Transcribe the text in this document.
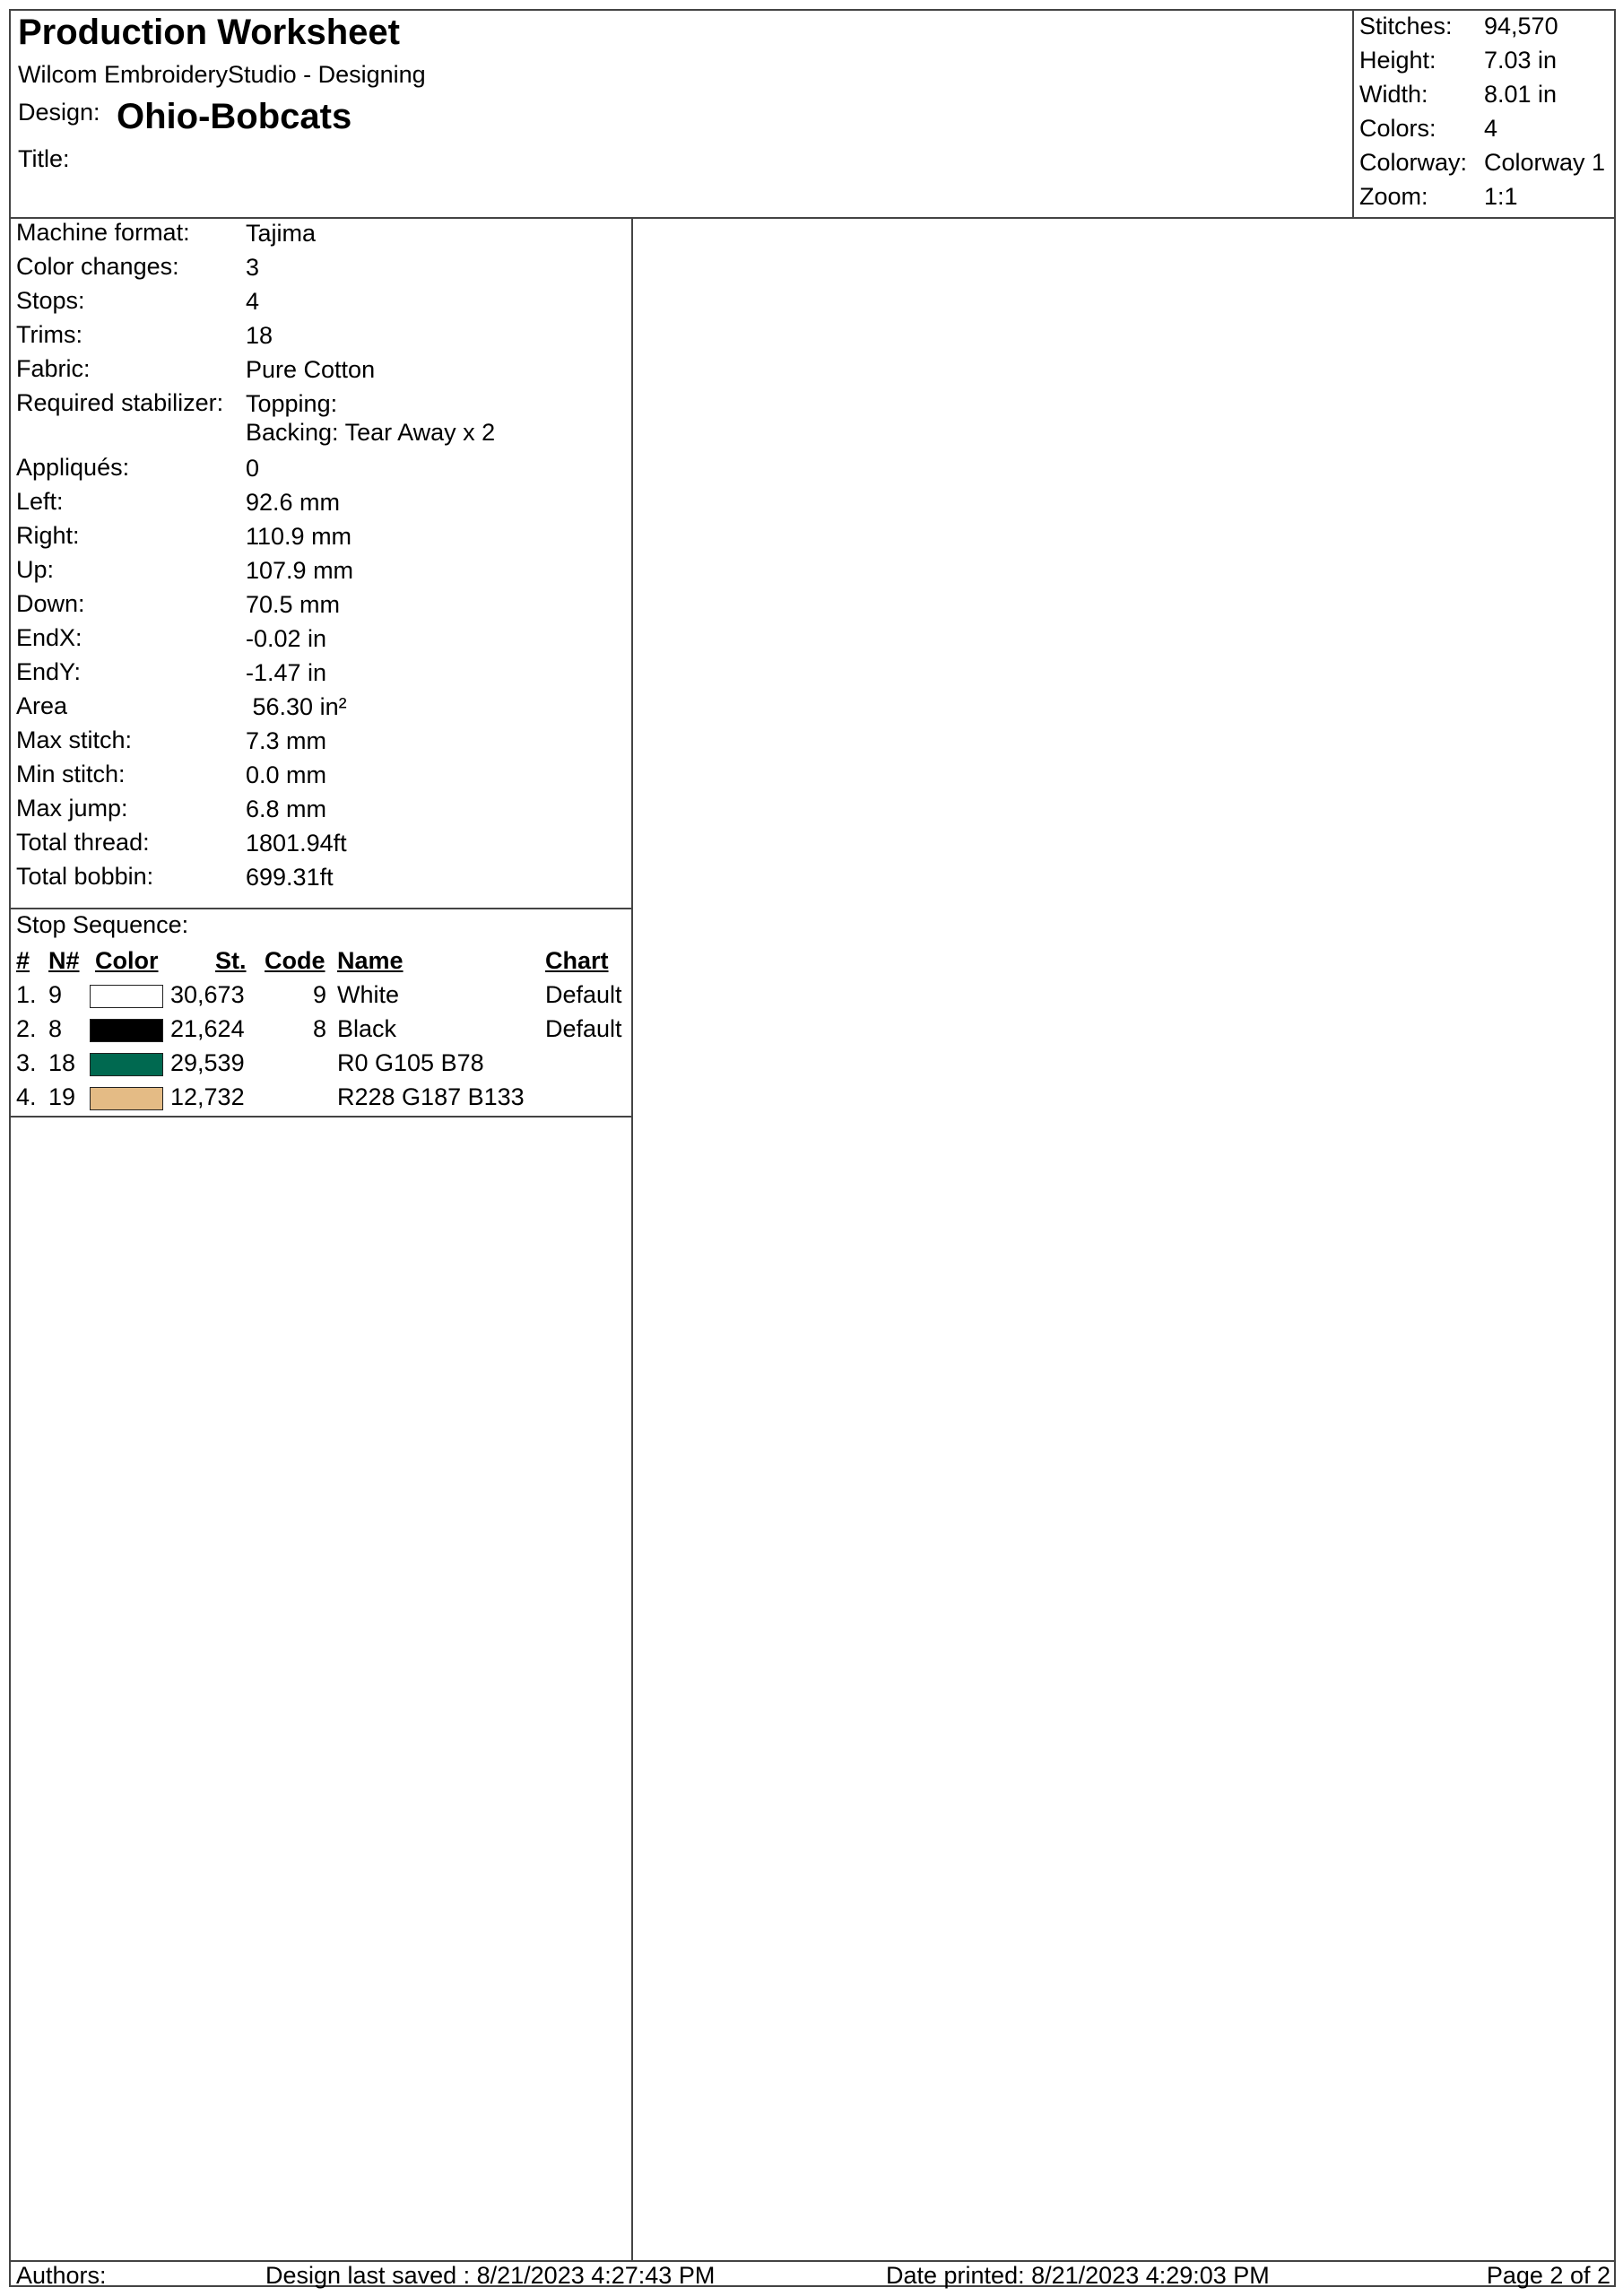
Production Worksheet
Wilcom EmbroideryStudio - Designing
Design: Ohio-Bobcats
Title:
Stitches: 94,570
Height: 7.03 in
Width: 8.01 in
Colors: 4
Colorway: Colorway 1
Zoom: 1:1
Machine format: Tajima
Color changes:	3
Stops:	4
Trims:	18
Fabric:	Pure Cotton
Required stabilizer: Topping:
Backing: Tear Away x 2
Appliqués:	0
Left:	92.6 mm
Right:	110.9 mm
Up:	107.9 mm
Down:	70.5 mm
EndX:	-0.02 in
EndY:	-1.47 in
Area	56.30 in²
Max stitch:	7.3 mm
Min stitch:	0.0 mm
Max jump:	6.8 mm
Total thread:	1801.94ft
Total bobbin:	699.31ft
Stop Sequence:
# N# Color St. Code Name	Chart
1. 9	30,673	9 White	Default
2. 8	21,624	8 Black	Default
3. 18	29,539	R0 G105 B78
4. 19	12,732	R228 G187 B133
Authors:	Design last saved : 8/21/2023 4:27:43 PM	Date printed: 8/21/2023 4:29:03 PM	Page 2 of 2
